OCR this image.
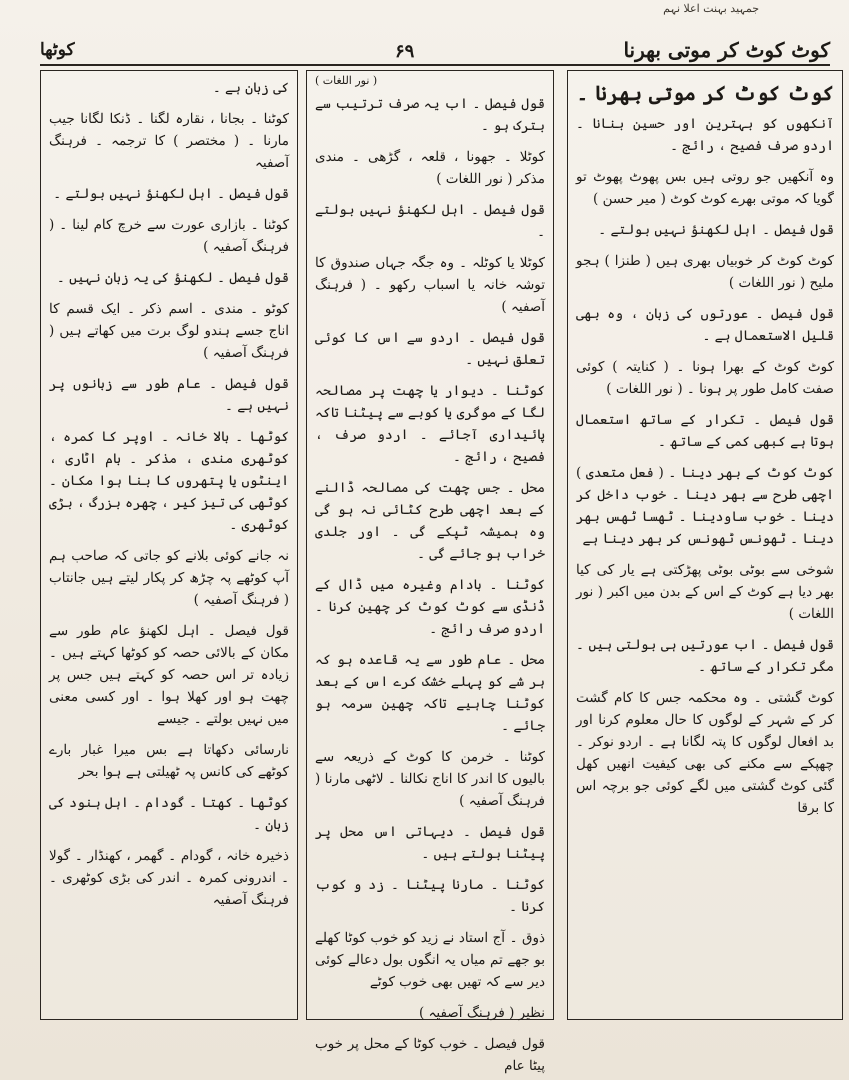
جمہید بہنت اعلا نہم
کوٹھا	۶۹	کوٹ کوٹ کر موتی بھرنا
کوٹ کوٹ کر موتی بھرنا ۔

آنکھوں کو بہترین اور حسین بنانا ۔ اردو صرف فصیح ، رائج ۔

وہ آنکھیں جو روتی ہیں بس پھوٹ پھوٹ تو گویا کہ موتی بھرے کوٹ کوٹ ( میر حسن )

قول فیصل ۔ اہل لکھنؤ نہیں بولتے ۔

کوٹ کوٹ کر خوبیاں بھری ہیں ( طنزا ) ہجو ملیح ( نور اللغات )

قول فیصل ۔ عورتوں کی زبان ، وہ بھی قلیل الاستعمال ہے ۔

کوٹ کوٹ کے بھرا ہونا ۔ ( کنایتہ ) کوئی صفت کامل طور پر ہونا ۔ ( نور اللغات )

قول فیصل ۔ تکرار کے ساتھ استعمال ہوتا ہے کبھی کمی کے ساتھ ۔

کوٹ کوٹ کے بھر دینا ۔ ( فعل متعدی ) اچھی طرح سے بھر دینا ۔ خوب داخل کر دینا ۔ خوب ساودینا ۔ ٹھسا ٹھس بھر دینا ۔ ٹھونس ٹھونس کر بھر دینا ہے

شوخی سے بوٹی بوٹی پھڑکتی ہے یار کی کیا بھر دیا ہے کوٹ کے اس کے بدن میں اکبر ( نور اللغات )

قول فیصل ۔ اب عورتیں ہی بولتی ہیں ۔ مگر تکرار کے ساتھ ۔

کوٹ گشتی ۔ وہ محکمہ جس کا کام گشت کر کے شہر کے لوگوں کا حال معلوم کرنا اور بد افعال لوگوں کا پتہ لگانا ہے ۔ اردو نوکر ۔ چھپکے سے مکنے کی بھی کیفیت انھیں کھل گئی کوٹ گشتی میں لگے کوئی جو برچہ اس کا برقا

( نور اللغات )

قول فیصل ۔ اب یہ صرف ترتیب سے بترک ہو ۔

کوٹلا ۔ جھونا ، قلعہ ، گڑھی ۔ مندی مذکر ( نور اللغات )

قول فیصل ۔ اہل لکھنؤ نہیں بولتے ۔

کوٹلا یا کوٹلہ ۔ وہ جگہ جہاں صندوق کا توشہ خانہ یا اسباب رکھو ۔ ( فرہنگ آصفیہ )

قول فیصل ۔ اردو سے اس کا کوئی تعلق نہیں ۔

کوٹنا ۔ دیوار یا چھت پر مصالحہ لگا کے موگری یا کوبے سے پیٹنا تاکہ پائیداری آجائے ۔ اردو صرف ، فصیح ، رائج ۔

محل ۔ جس چھت کی مصالحہ ڈالنے کے بعد اچھی طرح کٹائی نہ ہو گی وہ ہمیشہ ٹپکے گی ۔ اور جلدی خراب ہو جائے گی ۔

کوٹنا ۔ بادام وغیرہ میں ڈال کے ڈنڈی سے کوٹ کوٹ کر چھین کرنا ۔ اردو صرف رائج ۔

محل ۔ عام طور سے یہ قاعدہ ہو کہ ہر شے کو پہلے خشک کرے اس کے بعد کوٹنا چاہیے تاکہ چھین سرمہ ہو جائے ۔

کوٹنا ۔ خرمن کا کوٹ کے ذریعہ سے بالیوں کا اندر کا اناج نکالنا ۔ لاٹھی مارنا ( فرہنگ آصفیہ )

قول فیصل ۔ دیہاتی اس محل پر پیٹنا بولتے ہیں ۔

کوٹنا ۔ مارنا پیٹنا ۔ زد و کوب کرنا ۔

ذوق ۔ آج استاد نے زید کو خوب کوٹا کھلے بو جھے تم میاں یہ انگوں بول دعالے کوئی دیر سے کہ تھیں بھی خوب کوٹے

نظیر ( فرہنگ آصفیہ )

قول فیصل ۔ خوب کوٹا کے محل پر خوب پیٹا عام

کی زبان ہے ۔

کوٹنا ۔ بجانا ، نقارہ لگنا ۔ ڈنکا لگانا جیب مارنا ۔ ( مختصر ) کا ترجمہ ۔ فرہنگ آصفیہ

قول فیصل ۔ اہل لکھنؤ نہیں بولتے ۔

کوٹنا ۔ بازاری عورت سے خرچ کام لینا ۔ ( فرہنگ آصفیہ )

قول فیصل ۔ لکھنؤ کی یہ زبان نہیں ۔

کوٹو ۔ مندی ۔ اسم ذکر ۔ ایک قسم کا اناج جسے ہندو لوگ برت میں کھاتے ہیں ( فرہنگ آصفیہ )

قول فیصل ۔ عام طور سے زبانوں پر نہیں ہے ۔

کوٹھا ۔ بالا خانہ ۔ اوپر کا کمرہ ، کوٹھری مندی ، مذکر ۔ بام اٹاری ، اینٹوں یا پتھروں کا بنا ہوا مکان ۔ کوٹھی کی تیز کیر ، چھرہ بزرگ ، بڑی کوٹھری ۔

نہ جانے کوئی بلانے کو جاتی کہ صاحب ہم آپ کوٹھے پہ چڑھ کر پکار لیتے ہیں جانتاب ( فرہنگ آصفیہ )

قول فیصل ۔ اہل لکھنؤ عام طور سے مکان کے بالائی حصہ کو کوٹھا کہتے ہیں ۔ زیادہ تر اس حصہ کو کہتے ہیں جس پر چھت ہو اور کھلا ہوا ۔ اور کسی معنی میں نہیں بولتے ۔ جیسے

نارسائی دکھاتا ہے بس میرا غبار بارے کوٹھے کی کانس پہ ٹھیلتی ہے ہوا بحر

کوٹھا ۔ کھتا ۔ گودام ۔ اہل ہنود کی زبان ۔

ذخیرہ خانہ ، گودام ۔ گھمر ، کھنڈار ۔ گولا ۔ اندرونی کمرہ ۔ اندر کی بڑی کوٹھری ۔ فرہنگ آصفیہ
